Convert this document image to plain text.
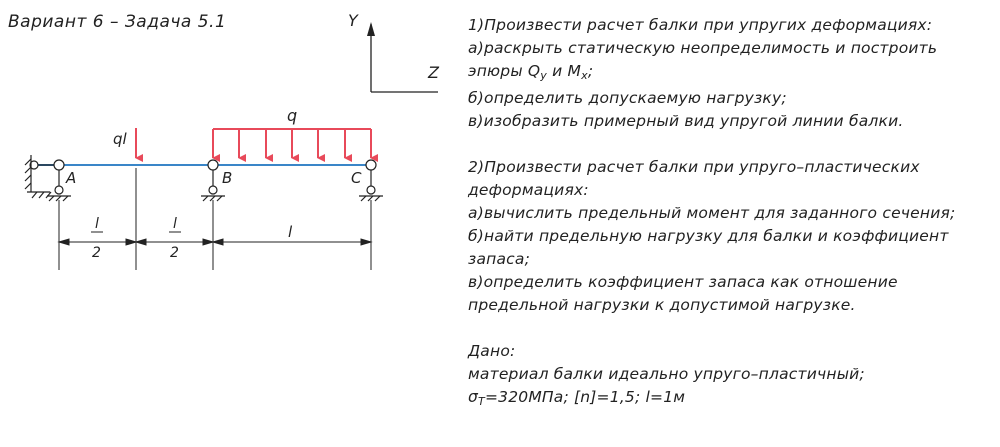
Вариант 6 – Задача 5.1	Y
Z
A	B	C
ql
q
l
2
l
2
l
1)Произвести расчет балки при упругих деформациях:
а)раскрыть статическую неопределимость и построить
эпюры $Q_y$ и $M_x$;
б)определить допускаемую нагрузку;
в)изобразить примерный вид упругой линии балки.
2)Произвести расчет балки при упруго–пластических
деформациях:
а)вычислить предельный момент для заданного сечения;
б)найти предельную нагрузку для балки и коэффициент
запаса;
в)определить коэффициент запаса как отношение
предельной нагрузки к допустимой нагрузке.
Дано:
материал балки идеально упруго–пластичный;
$\sigma_T=320МПа$; [n]=1,5; l=1м
